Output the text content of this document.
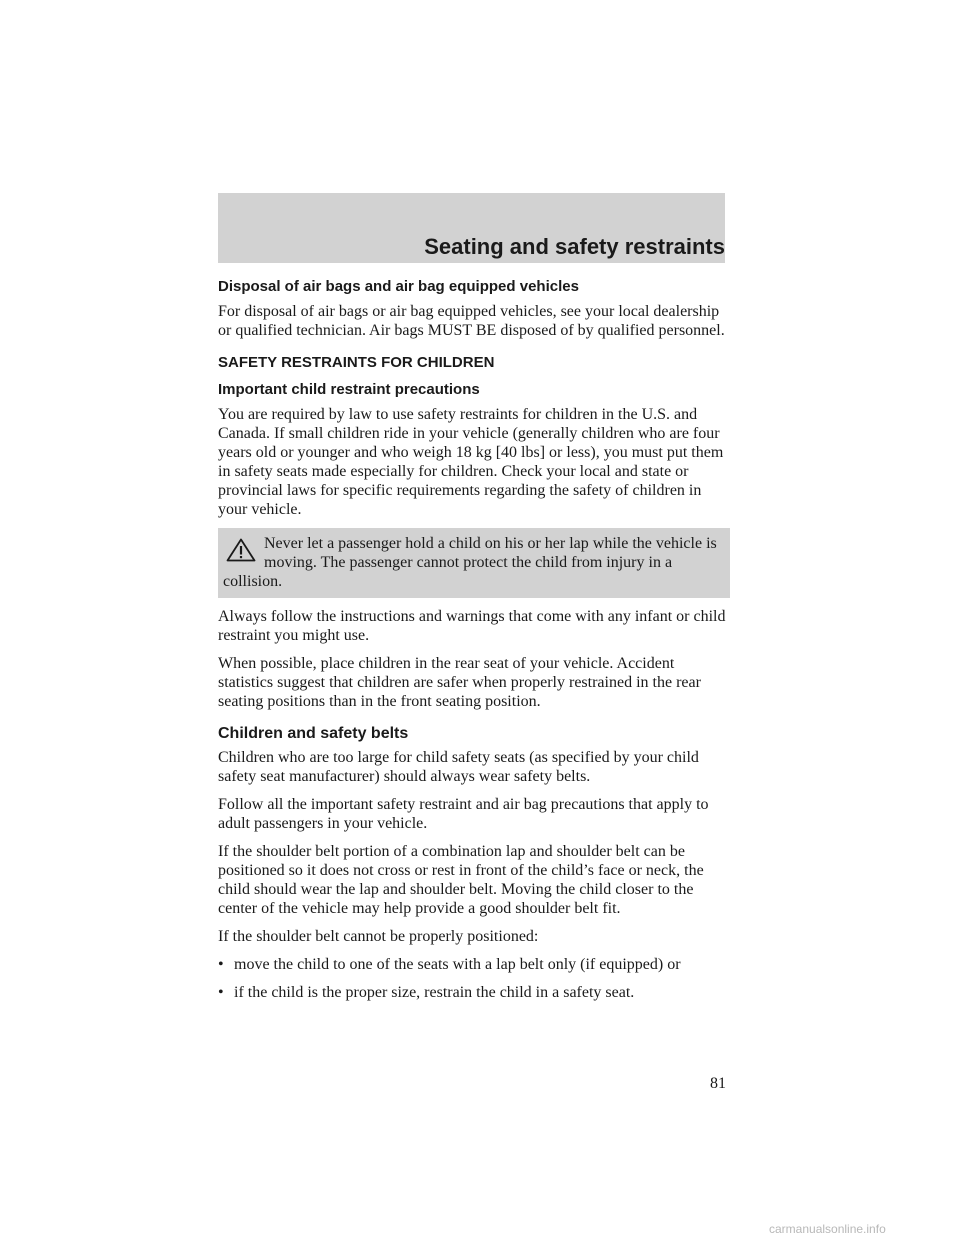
Seating and safety restraints
Disposal of air bags and air bag equipped vehicles

For disposal of air bags or air bag equipped vehicles, see your local dealership or qualified technician. Air bags MUST BE disposed of by qualified personnel.

SAFETY RESTRAINTS FOR CHILDREN
Important child restraint precautions

You are required by law to use safety restraints for children in the U.S. and Canada. If small children ride in your vehicle (generally children who are four years old or younger and who weigh 18 kg [40 lbs] or less), you must put them in safety seats made especially for children. Check your local and state or provincial laws for specific requirements regarding the safety of children in your vehicle.

Never let a passenger hold a child on his or her lap while the vehicle is moving. The passenger cannot protect the child from injury in a collision.

Always follow the instructions and warnings that come with any infant or child restraint you might use.

When possible, place children in the rear seat of your vehicle. Accident statistics suggest that children are safer when properly restrained in the rear seating positions than in the front seating position.

Children and safety belts

Children who are too large for child safety seats (as specified by your child safety seat manufacturer) should always wear safety belts.

Follow all the important safety restraint and air bag precautions that apply to adult passengers in your vehicle.

If the shoulder belt portion of a combination lap and shoulder belt can be positioned so it does not cross or rest in front of the child’s face or neck, the child should wear the lap and shoulder belt. Moving the child closer to the center of the vehicle may help provide a good shoulder belt fit.

If the shoulder belt cannot be properly positioned:

• move the child to one of the seats with a lap belt only (if equipped) or
• if the child is the proper size, restrain the child in a safety seat.
81
carmanualsonline.info
